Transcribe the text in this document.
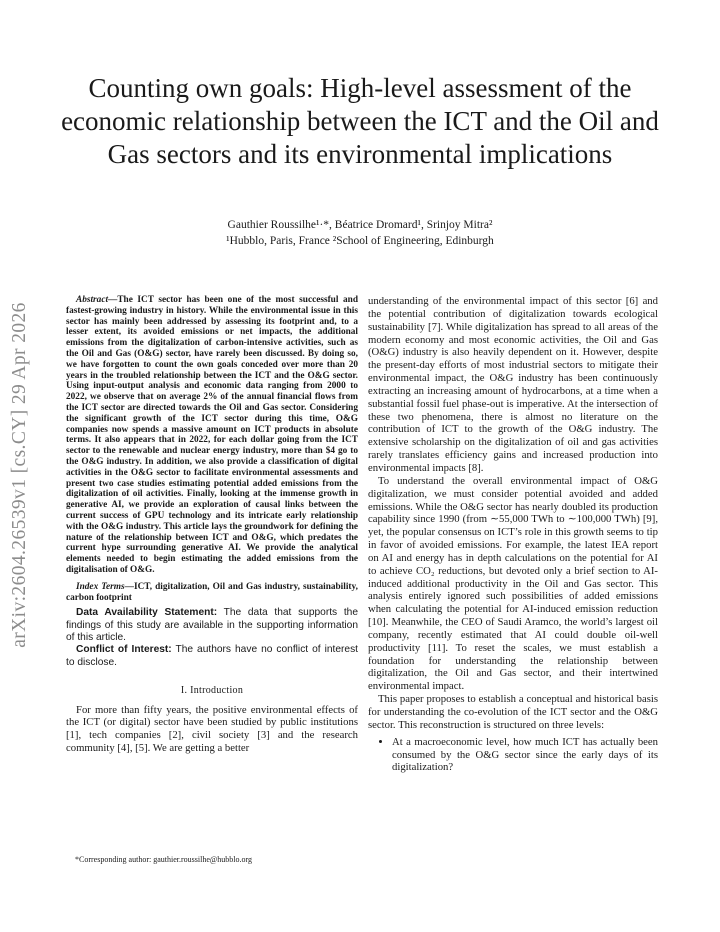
arXiv:2604.26539v1 [cs.CY] 29 Apr 2026
Counting own goals: High-level assessment of the economic relationship between the ICT and the Oil and Gas sectors and its environmental implications
Gauthier Roussilhe¹·*, Béatrice Dromard¹, Srinjoy Mitra²
¹Hubblo, Paris, France ²School of Engineering, Edinburgh

Abstract—The ICT sector has been one of the most successful and fastest-growing industry in history. While the environmental issue in this sector has mainly been addressed by assessing its footprint and, to a lesser extent, its avoided emissions or net impacts, the additional emissions from the digitalization of carbon-intensive activities, such as the Oil and Gas (O&G) sector, have rarely been discussed. By doing so, we have forgotten to count the own goals conceded over more than 20 years in the troubled relationship between the ICT and the O&G sector. Using input-output analysis and economic data ranging from 2000 to 2022, we observe that on average 2% of the annual financial flows from the ICT sector are directed towards the Oil and Gas sector. Considering the significant growth of the ICT sector during this time, O&G companies now spends a massive amount on ICT products in absolute terms. It also appears that in 2022, for each dollar going from the ICT sector to the renewable and nuclear energy industry, more than $4 go to the O&G industry. In addition, we also provide a classification of digital activities in the O&G sector to facilitate environmental assessments and present two case studies estimating potential added emissions from the digitalization of oil activities. Finally, looking at the immense growth in generative AI, we provide an exploration of causal links between the current success of GPU technology and its intricate early relationship with the O&G industry. This article lays the groundwork for defining the nature of the relationship between ICT and O&G, which predates the current hype surrounding generative AI. We provide the analytical elements needed to begin estimating the added emissions from the digitalisation of O&G.

Index Terms—ICT, digitalization, Oil and Gas industry, sustainability, carbon footprint

Data Availability Statement: The data that supports the findings of this study are available in the supporting information of this article.

Conflict of Interest: The authors have no conflict of interest to disclose.

I. Introduction

For more than fifty years, the positive environmental effects of the ICT (or digital) sector have been studied by public institutions [1], tech companies [2], civil society [3] and the research community [4], [5]. We are getting a better

understanding of the environmental impact of this sector [6] and the potential contribution of digitalization towards ecological sustainability [7]. While digitalization has spread to all areas of the modern economy and most economic activities, the Oil and Gas (O&G) industry is also heavily dependent on it. However, despite the present-day efforts of most industrial sectors to mitigate their environmental impact, the O&G industry has been continuously extracting an increasing amount of hydrocarbons, at a time when a substantial fossil fuel phase-out is imperative. At the intersection of these two phenomena, there is almost no literature on the contribution of ICT to the growth of the O&G industry. The extensive scholarship on the digitalization of oil and gas activities rarely translates efficiency gains and increased production into environmental impacts [8].

To understand the overall environmental impact of O&G digitalization, we must consider potential avoided and added emissions. While the O&G sector has nearly doubled its production capability since 1990 (from ∼55,000 TWh to ∼100,000 TWh) [9], yet, the popular consensus on ICT’s role in this growth seems to tip in favor of avoided emissions. For example, the latest IEA report on AI and energy has in depth calculations on the potential for AI to achieve CO₂ reductions, but devoted only a brief section to AI-induced additional productivity in the Oil and Gas sector. This analysis entirely ignored such possibilities of added emissions when calculating the potential for AI-induced emission reduction [10]. Meanwhile, the CEO of Saudi Aramco, the world’s largest oil company, recently estimated that AI could double oil-well productivity [11]. To reset the scales, we must establish a foundation for understanding the relationship between digitalization, the Oil and Gas sector, and their intertwined environmental impact.

This paper proposes to establish a conceptual and historical basis for understanding the co-evolution of the ICT sector and the O&G sector. This reconstruction is structured on three levels:

• At a macroeconomic level, how much ICT has actually been consumed by the O&G sector since the early days of its digitalization?
*Corresponding author: gauthier.roussilhe@hubblo.org
